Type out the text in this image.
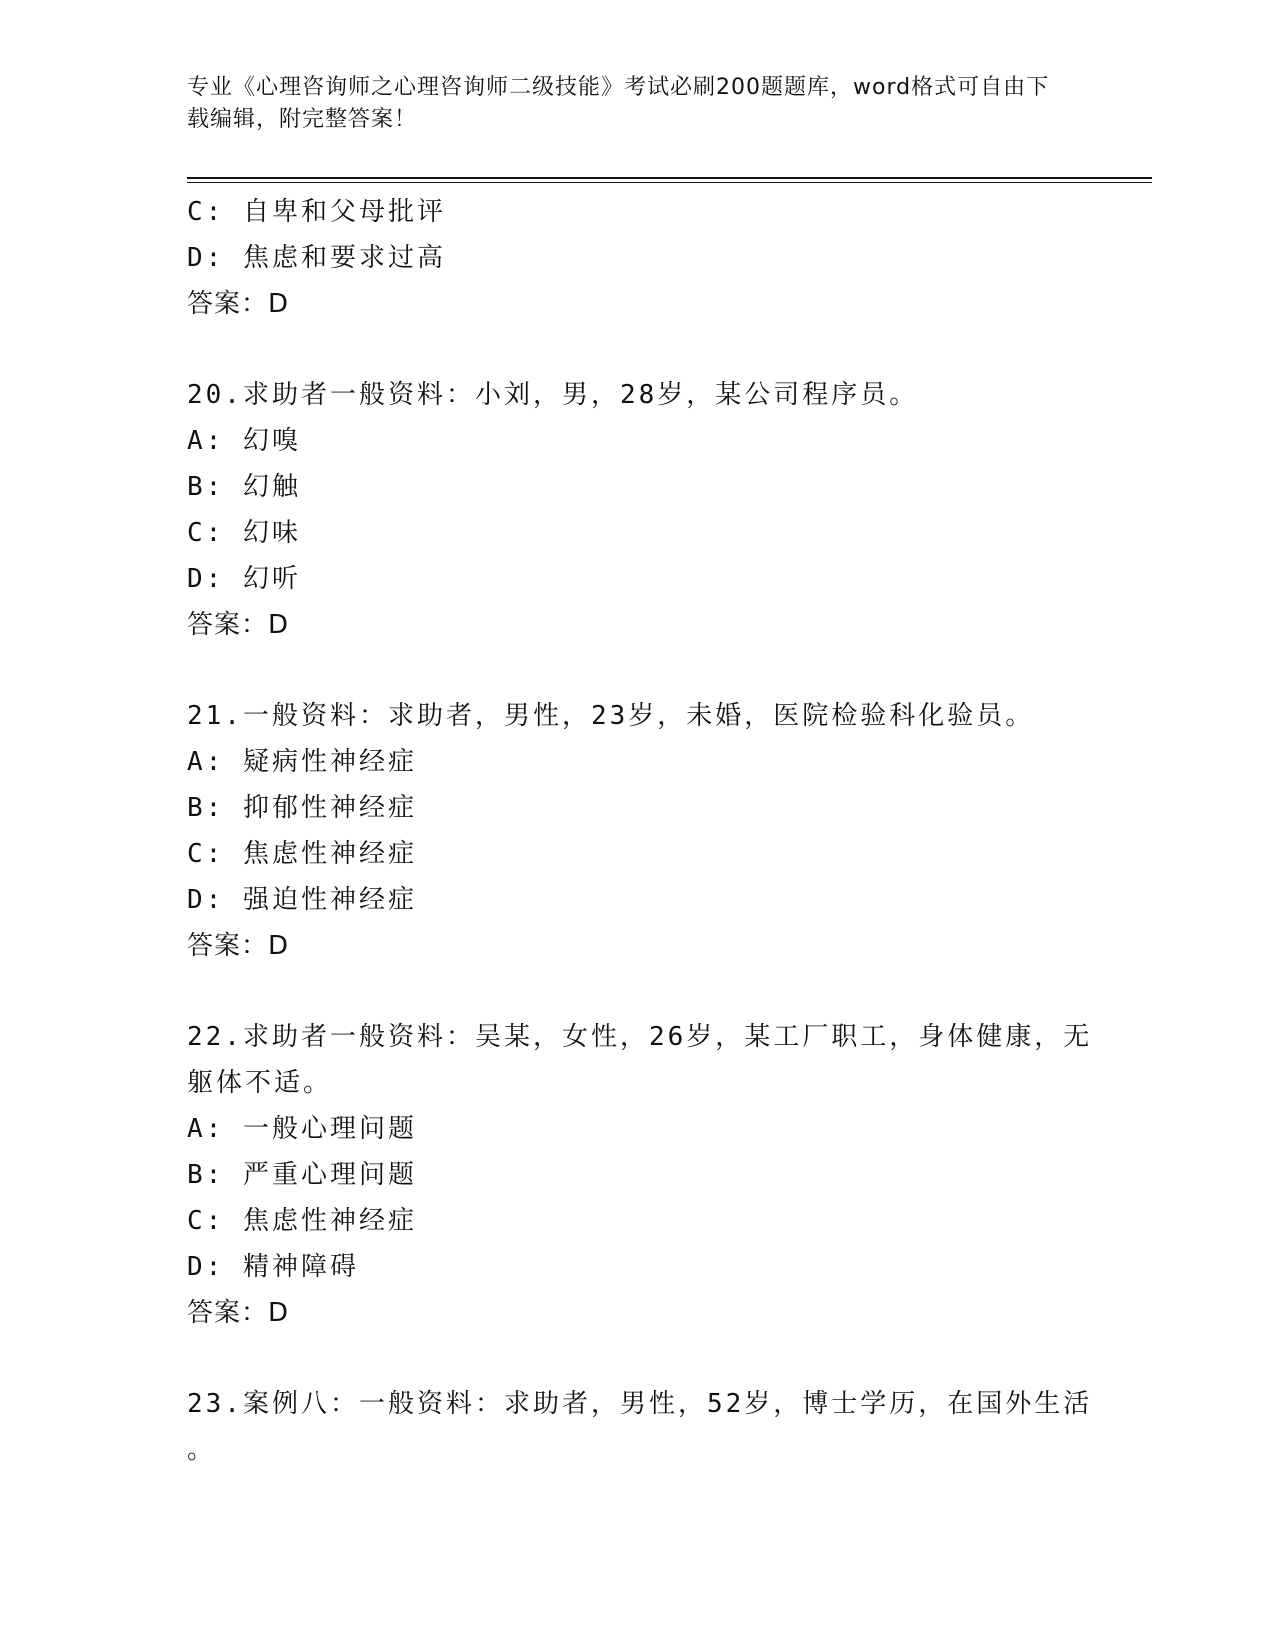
专业《心理咨询师之心理咨询师二级技能》考试必刷200题题库，word格式可自由下载编辑，附完整答案！
C: 自卑和父母批评
D: 焦虑和要求过高
答案：D
20.求助者一般资料：小刘，男，28岁，某公司程序员。
A: 幻嗅
B: 幻触
C: 幻味
D: 幻听
答案：D
21.一般资料：求助者，男性，23岁，未婚，医院检验科化验员。
A: 疑病性神经症
B: 抑郁性神经症
C: 焦虑性神经症
D: 强迫性神经症
答案：D
22.求助者一般资料：吴某，女性，26岁，某工厂职工，身体健康，无
躯体不适。
A: 一般心理问题
B: 严重心理问题
C: 焦虑性神经症
D: 精神障碍
答案：D
23.案例八：一般资料：求助者，男性，52岁，博士学历，在国外生活
。
